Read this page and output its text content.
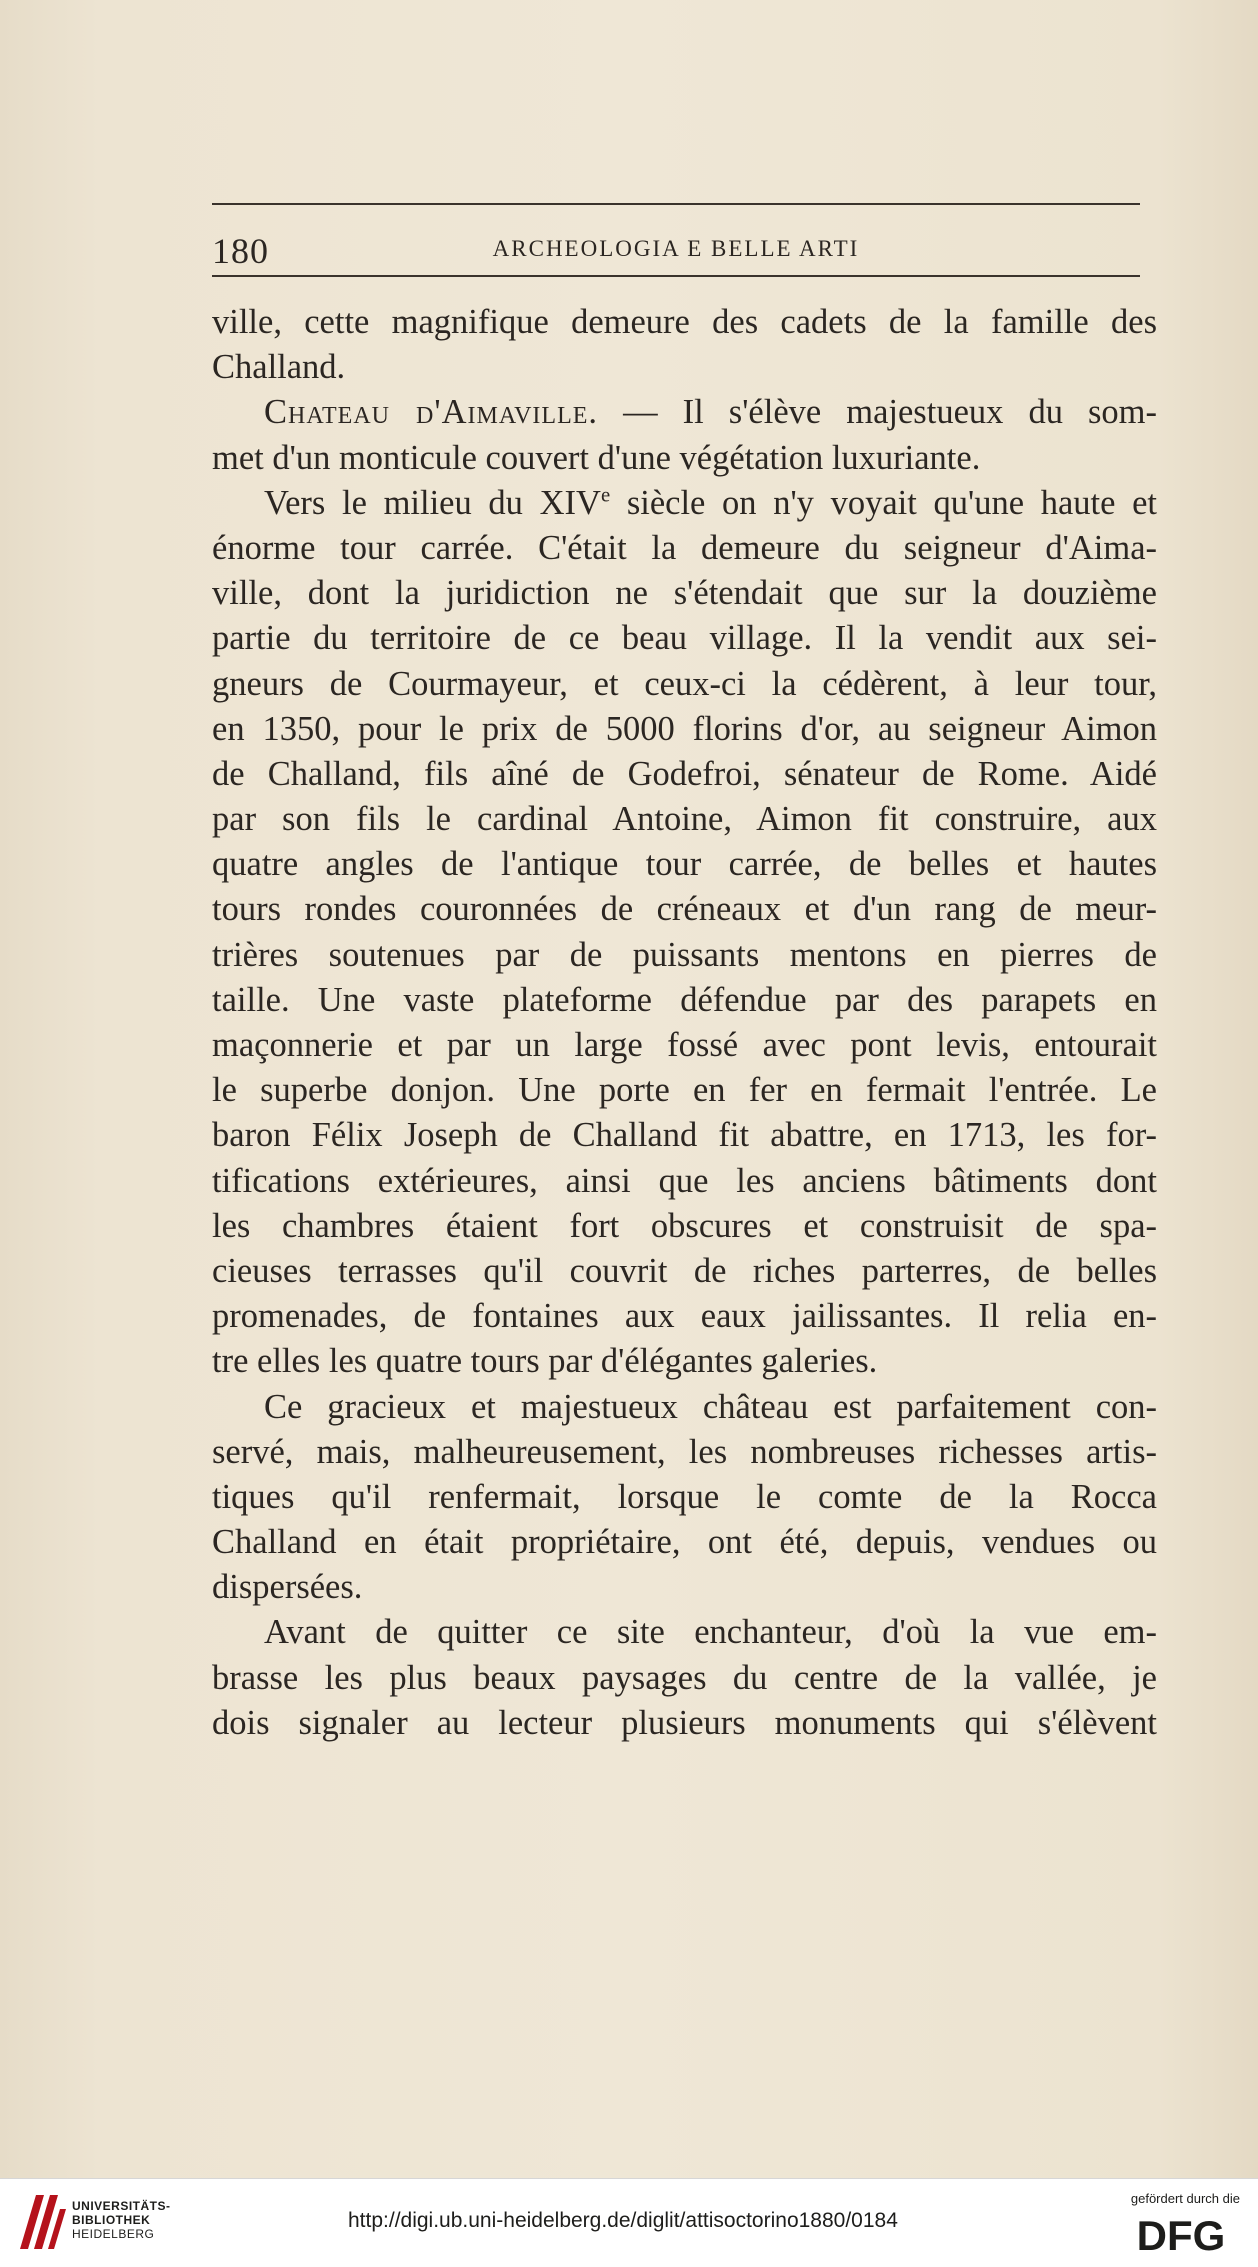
180	ARCHEOLOGIA E BELLE ARTI
ville, cette magnifique demeure des cadets de la famille des
Challand.
Chateau d'Aimaville. — Il s'élève majestueux du som-
met d'un monticule couvert d'une végétation luxuriante.
Vers le milieu du XIVe siècle on n'y voyait qu'une haute et
énorme tour carrée. C'était la demeure du seigneur d'Aima-
ville, dont la juridiction ne s'étendait que sur la douzième
partie du territoire de ce beau village. Il la vendit aux sei-
gneurs de Courmayeur, et ceux-ci la cédèrent, à leur tour,
en 1350, pour le prix de 5000 florins d'or, au seigneur Aimon
de Challand, fils aîné de Godefroi, sénateur de Rome. Aidé
par son fils le cardinal Antoine, Aimon fit construire, aux
quatre angles de l'antique tour carrée, de belles et hautes
tours rondes couronnées de créneaux et d'un rang de meur-
trières soutenues par de puissants mentons en pierres de
taille. Une vaste plateforme défendue par des parapets en
maçonnerie et par un large fossé avec pont levis, entourait
le superbe donjon. Une porte en fer en fermait l'entrée. Le
baron Félix Joseph de Challand fit abattre, en 1713, les for-
tifications extérieures, ainsi que les anciens bâtiments dont
les chambres étaient fort obscures et construisit de spa-
cieuses terrasses qu'il couvrit de riches parterres, de belles
promenades, de fontaines aux eaux jailissantes. Il relia en-
tre elles les quatre tours par d'élégantes galeries.
Ce gracieux et majestueux château est parfaitement con-
servé, mais, malheureusement, les nombreuses richesses artis-
tiques qu'il renfermait, lorsque le comte de la Rocca
Challand en était propriétaire, ont été, depuis, vendues ou
dispersées.
Avant de quitter ce site enchanteur, d'où la vue em-
brasse les plus beaux paysages du centre de la vallée, je
dois signaler au lecteur plusieurs monuments qui s'élèvent
UNIVERSITÄTS-
BIBLIOTHEK
HEIDELBERG
http://digi.ub.uni-heidelberg.de/diglit/attisoctorino1880/0184
gefördert durch die
DFG
